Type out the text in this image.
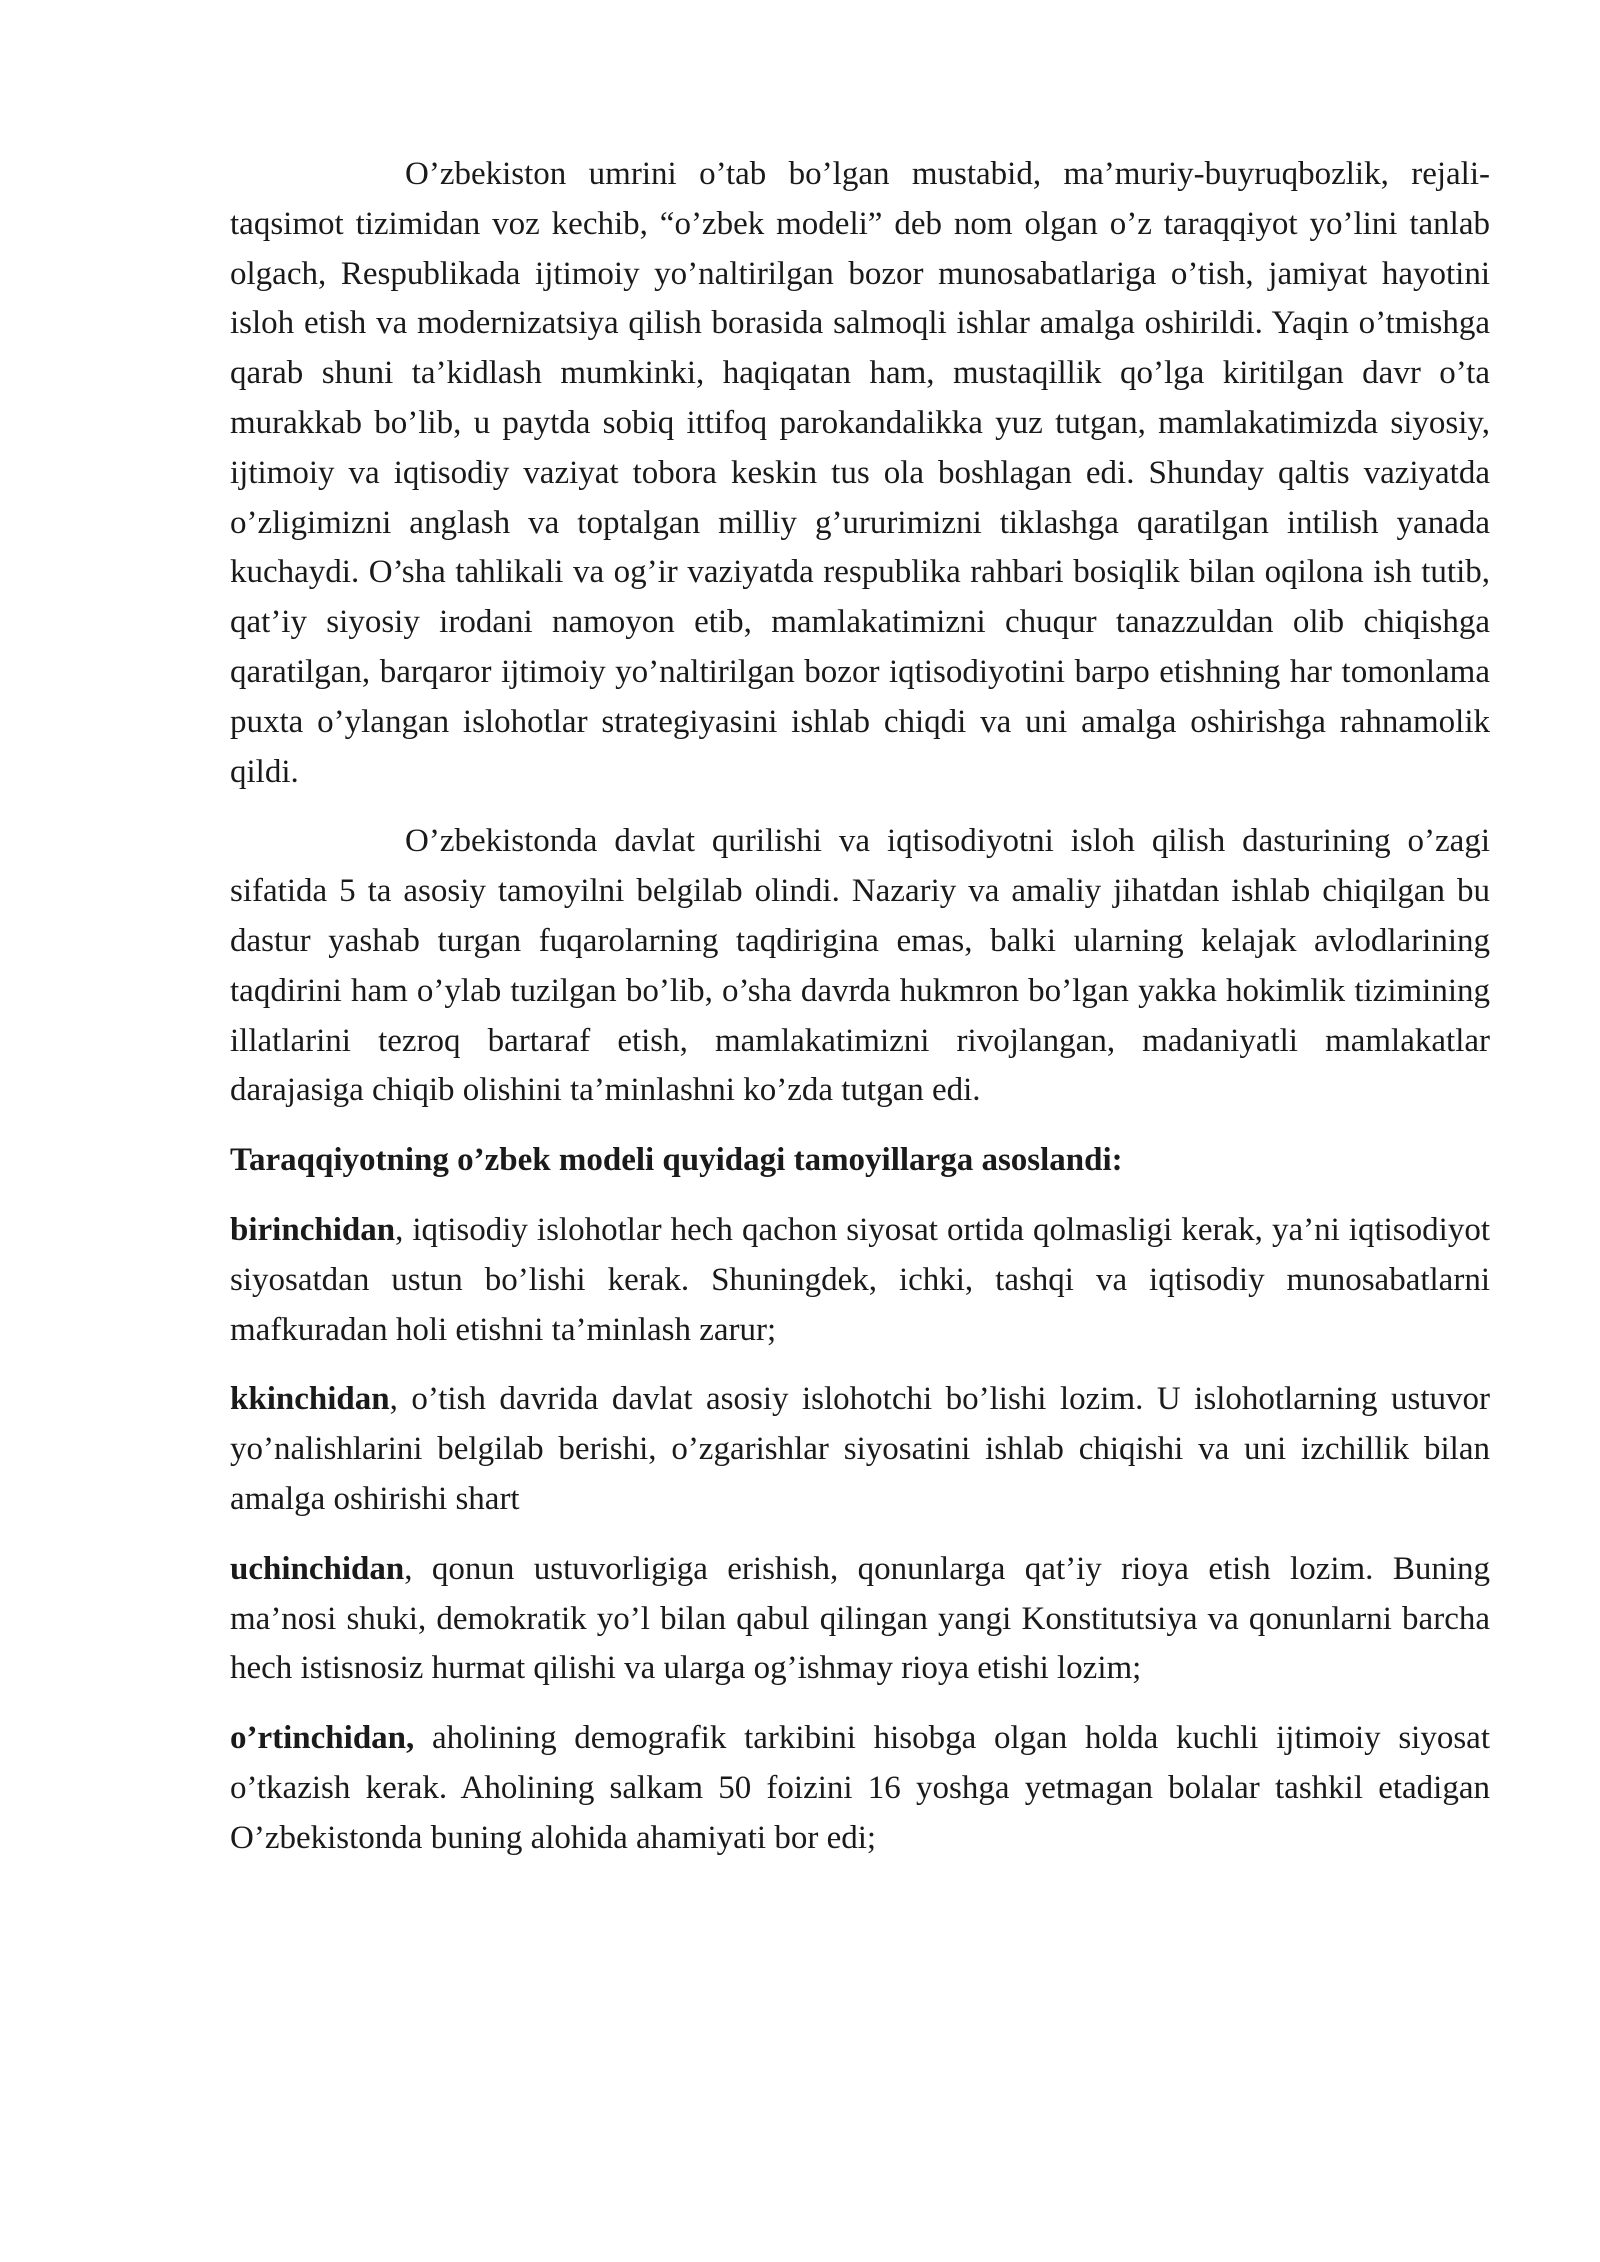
O’zbekiston umrini o’tab bo’lgan mustabid, ma’muriy-buyruqbozlik, rejali-taqsimot tizimidan voz kechib, “o’zbek modeli” deb nom olgan o’z taraqqiyot yo’lini tanlab olgach, Respublikada ijtimoiy yo’naltirilgan bozor munosabatlariga o’tish, jamiyat hayotini isloh etish va modernizatsiya qilish borasida salmoqli ishlar amalga oshirildi. Yaqin o’tmishga qarab shuni ta’kidlash mumkinki, haqiqatan ham, mustaqillik qo’lga kiritilgan davr o’ta murakkab bo’lib, u paytda sobiq ittifoq parokandalikka yuz tutgan, mamlakatimizda siyosiy, ijtimoiy va iqtisodiy vaziyat tobora keskin tus ola boshlagan edi. Shunday qaltis vaziyatda o’zligimizni anglash va toptalgan milliy g’ururimizni tiklashga qaratilgan intilish yanada kuchaydi. O’sha tahlikali va og’ir vaziyatda respublika rahbari bosiqlik bilan oqilona ish tutib, qat’iy siyosiy irodani namoyon etib, mamlakatimizni chuqur tanazzuldan olib chiqishga qaratilgan, barqaror ijtimoiy yo’naltirilgan bozor iqtisodiyotini barpo etishning har tomonlama puxta o’ylangan islohotlar strategiyasini ishlab chiqdi va uni amalga oshirishga rahnamolik qildi.

O’zbekistonda davlat qurilishi va iqtisodiyotni isloh qilish dasturining o’zagi sifatida 5 ta asosiy tamoyilni belgilab olindi. Nazariy va amaliy jihatdan ishlab chiqilgan bu dastur yashab turgan fuqarolarning taqdiriginа emas, balki ularning kelajak avlodlarining taqdirini ham o’ylab tuzilgan bo’lib, o’sha davrda hukmron bo’lgan yakka hokimlik tizimining illatlarini tezroq bartaraf etish, mamlakatimizni rivojlangan, madaniyatli mamlakatlar darajasiga chiqib olishini ta’minlashni ko’zda tutgan edi.

Taraqqiyotning o’zbek modeli quyidagi tamoyillarga asoslandi:

birinchidan, iqtisodiy islohotlar hech qachon siyosat ortida qolmasligi kerak, ya’ni iqtisodiyot siyosatdan ustun bo’lishi kerak. Shuningdek, ichki, tashqi va iqtisodiy munosabatlarni mafkuradan holi etishni ta’minlash zarur;

kkinchidan, o’tish davrida davlat asosiy islohotchi bo’lishi lozim. U islohotlarning ustuvor yo’nalishlarini belgilab berishi, o’zgarishlar siyosatini ishlab chiqishi va uni izchillik bilan amalga oshirishi shart

uchinchidan, qonun ustuvorligiga erishish, qonunlarga qat’iy rioya etish lozim. Buning ma’nosi shuki, demokratik yo’l bilan qabul qilingan yangi Konstitutsiya va qonunlarni barcha hech istisnosiz hurmat qilishi va ularga og’ishmay rioya etishi lozim;

o’rtinchidan, aholining demografik tarkibini hisobga olgan holda kuchli ijtimoiy siyosat o’tkazish kerak. Aholining salkam 50 foizini 16 yoshga yetmagan bolalar tashkil etadigan O’zbekistonda buning alohida ahamiyati bor edi;
